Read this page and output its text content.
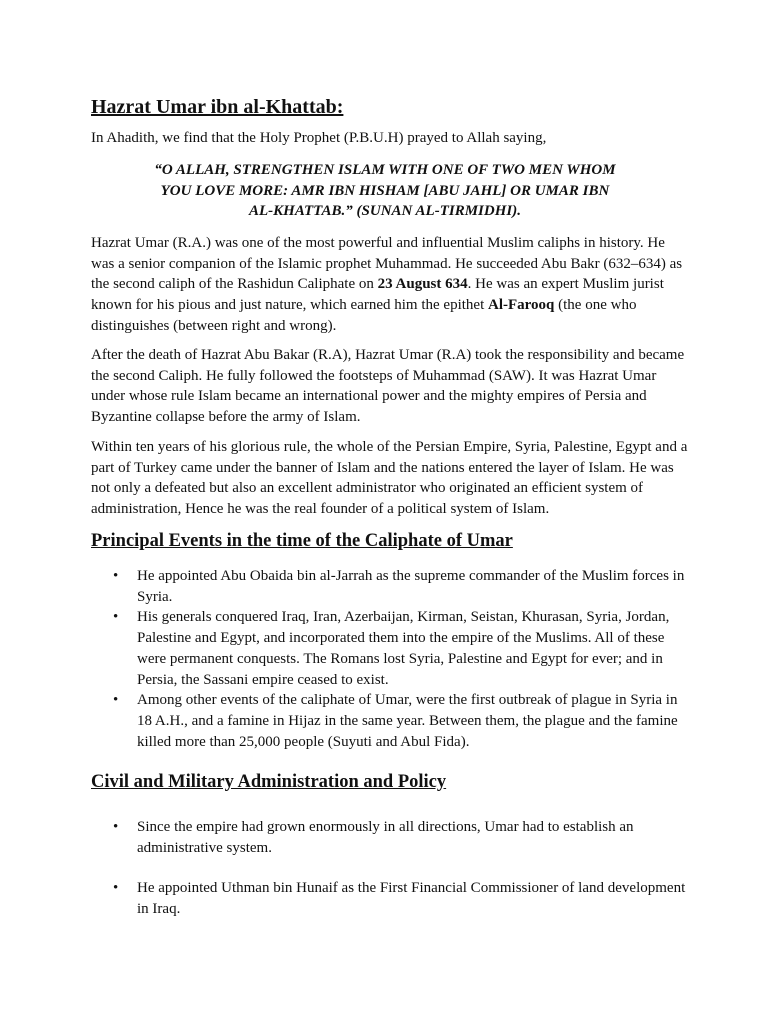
Hazrat Umar ibn al-Khattab:

In Ahadith, we find that the Holy Prophet (P.B.U.H) prayed to Allah saying,

“O ALLAH, STRENGTHEN ISLAM WITH ONE OF TWO MEN WHOM
YOU LOVE MORE: AMR IBN HISHAM [ABU JAHL] OR UMAR IBN
AL-KHATTAB.” (SUNAN AL-TIRMIDHI).

Hazrat Umar (R.A.) was one of the most powerful and influential Muslim caliphs in history. He was a senior companion of the Islamic prophet Muhammad. He succeeded Abu Bakr (632–634) as the second caliph of the Rashidun Caliphate on 23 August 634. He was an expert Muslim jurist known for his pious and just nature, which earned him the epithet Al-Farooq (the one who distinguishes (between right and wrong).

After the death of Hazrat Abu Bakar (R.A), Hazrat Umar (R.A) took the responsibility and became the second Caliph. He fully followed the footsteps of Muhammad (SAW). It was Hazrat Umar under whose rule Islam became an international power and the mighty empires of Persia and Byzantine collapse before the army of Islam.

Within ten years of his glorious rule, the whole of the Persian Empire, Syria, Palestine, Egypt and a part of Turkey came under the banner of Islam and the nations entered the layer of Islam. He was not only a defeated but also an excellent administrator who originated an efficient system of administration, Hence he was the real founder of a political system of Islam.

Principal Events in the time of the Caliphate of Umar
• He appointed Abu Obaida bin al-Jarrah as the supreme commander of the Muslim forces in Syria.
• His generals conquered Iraq, Iran, Azerbaijan, Kirman, Seistan, Khurasan, Syria, Jordan, Palestine and Egypt, and incorporated them into the empire of the Muslims. All of these were permanent conquests. The Romans lost Syria, Palestine and Egypt for ever; and in Persia, the Sassani empire ceased to exist.
• Among other events of the caliphate of Umar, were the first outbreak of plague in Syria in 18 A.H., and a famine in Hijaz in the same year. Between them, the plague and the famine killed more than 25,000 people (Suyuti and Abul Fida).
Civil and Military Administration and Policy
• Since the empire had grown enormously in all directions, Umar had to establish an administrative system.
• He appointed Uthman bin Hunaif as the First Financial Commissioner of land development in Iraq.
